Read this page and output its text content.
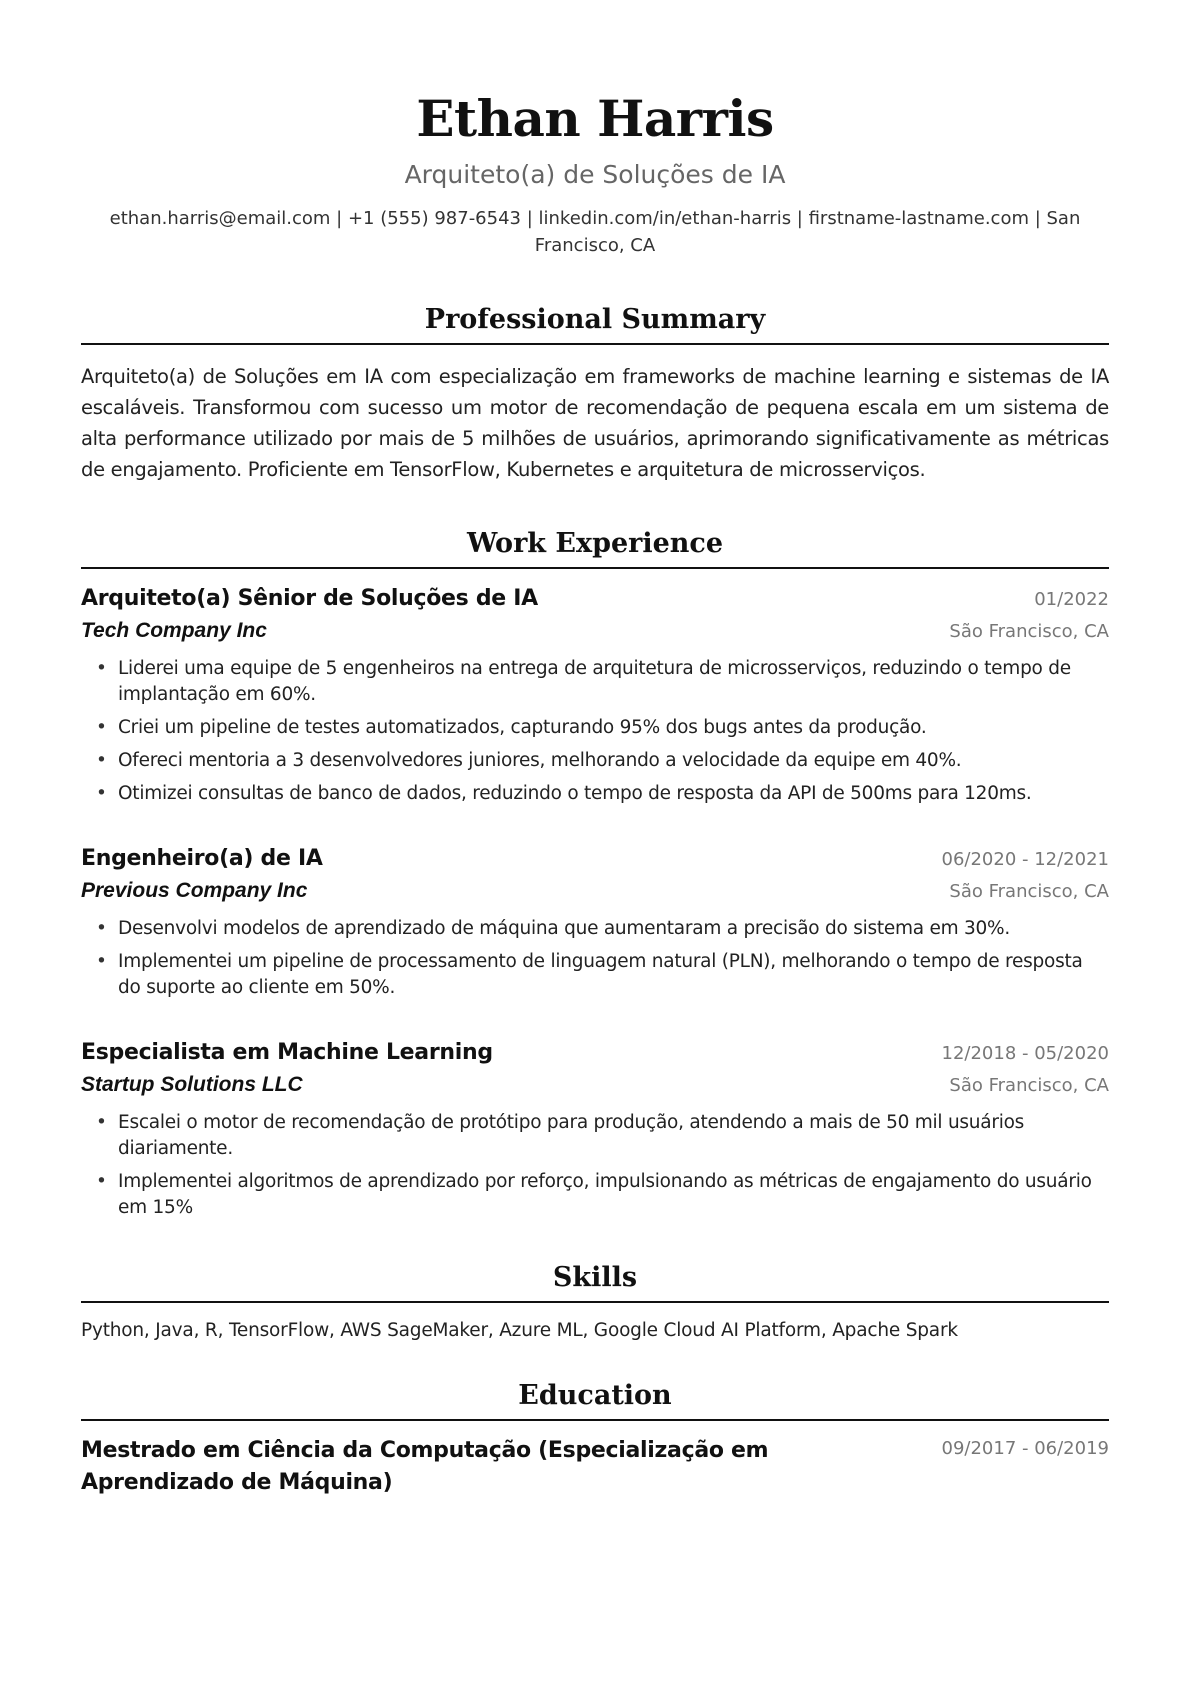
Ethan Harris
Arquiteto(a) de Soluções de IA
ethan.harris@email.com | +1 (555) 987-6543 | linkedin.com/in/ethan-harris | firstname-lastname.com | San Francisco, CA
Professional Summary

Arquiteto(a) de Soluções em IA com especialização em frameworks de machine learning e sistemas de IA escaláveis. Transformou com sucesso um motor de recomendação de pequena escala em um sistema de alta performance utilizado por mais de 5 milhões de usuários, aprimorando significativamente as métricas de engajamento. Proficiente em TensorFlow, Kubernetes e arquitetura de microsserviços.

Work Experience
Arquiteto(a) Sênior de Soluções de IA	01/2022
Tech Company Inc	São Francisco, CA
• Liderei uma equipe de 5 engenheiros na entrega de arquitetura de microsserviços, reduzindo o tempo de implantação em 60%.
• Criei um pipeline de testes automatizados, capturando 95% dos bugs antes da produção.
• Ofereci mentoria a 3 desenvolvedores juniores, melhorando a velocidade da equipe em 40%.
• Otimizei consultas de banco de dados, reduzindo o tempo de resposta da API de 500ms para 120ms.
Engenheiro(a) de IA	06/2020 - 12/2021
Previous Company Inc	São Francisco, CA
• Desenvolvi modelos de aprendizado de máquina que aumentaram a precisão do sistema em 30%.
• Implementei um pipeline de processamento de linguagem natural (PLN), melhorando o tempo de resposta do suporte ao cliente em 50%.
Especialista em Machine Learning	12/2018 - 05/2020
Startup Solutions LLC	São Francisco, CA
• Escalei o motor de recomendação de protótipo para produção, atendendo a mais de 50 mil usuários diariamente.
• Implementei algoritmos de aprendizado por reforço, impulsionando as métricas de engajamento do usuário em 15%
Skills
Python, Java, R, TensorFlow, AWS SageMaker, Azure ML, Google Cloud AI Platform, Apache Spark
Education
Mestrado em Ciência da Computação (Especialização em Aprendizado de Máquina)
09/2017 - 06/2019
